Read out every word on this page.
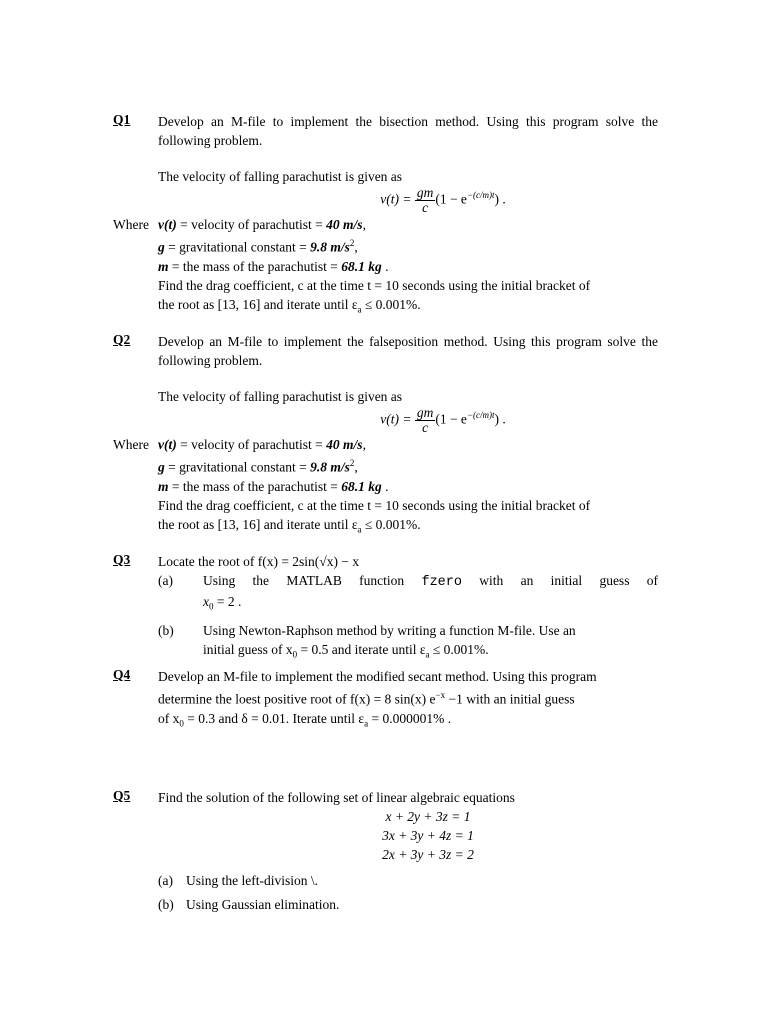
Q1 Develop an M-file to implement the bisection method. Using this program solve the following problem.
The velocity of falling parachutist is given as
$v(t) = \frac{gm}{c} (1 - e^{-(c/m)t})$ .
Where v(t) = velocity of parachutist = 40 m/s,
g = gravitational constant = 9.8 $m/s^2$,
m = the mass of the parachutist = 68.1 kg .
Find the drag coefficient, c at the time t = 10 seconds using the initial bracket of
the root as [13, 16] and iterate until $\varepsilon_a \le 0.001\%$.
Q2 Develop an M-file to implement the falseposition method. Using this program solve the following problem.
The velocity of falling parachutist is given as
$v(t) = \frac{gm}{c} (1 - e^{-(c/m)t})$ .
Where v(t) = velocity of parachutist = 40 m/s,
g = gravitational constant = 9.8 $m/s^2$,
m = the mass of the parachutist = 68.1 kg .
Find the drag coefficient, c at the time t = 10 seconds using the initial bracket of
the root as [13, 16] and iterate until $\varepsilon_a \le 0.001\%$.
Q3 Locate the root of f(x) = 2sin(√x) − x
(a)	Using the MATLAB function fzero with an initial guess of
$x_0 = 2$ .
(b)	Using Newton-Raphson method by writing a function M-file. Use an
initial guess of $x_0 = 0.5$ and iterate until $\varepsilon_a \le 0.001\%$.
Q4 Develop an M-file to implement the modified secant method. Using this program
determine the loest positive root of f(x) = 8 sin(x) $e^{-x} -1$ with an initial guess
of $x_0 = 0.3$ and δ = 0.01. Iterate until $\varepsilon_a = 0.000001\%$ .
Q5 Find the solution of the following set of linear algebraic equations
x + 2y + 3z = 1
3x + 3y + 4z = 1
2x + 3y + 3z = 2
(a) Using the left-division \.
(b) Using Gaussian elimination.
